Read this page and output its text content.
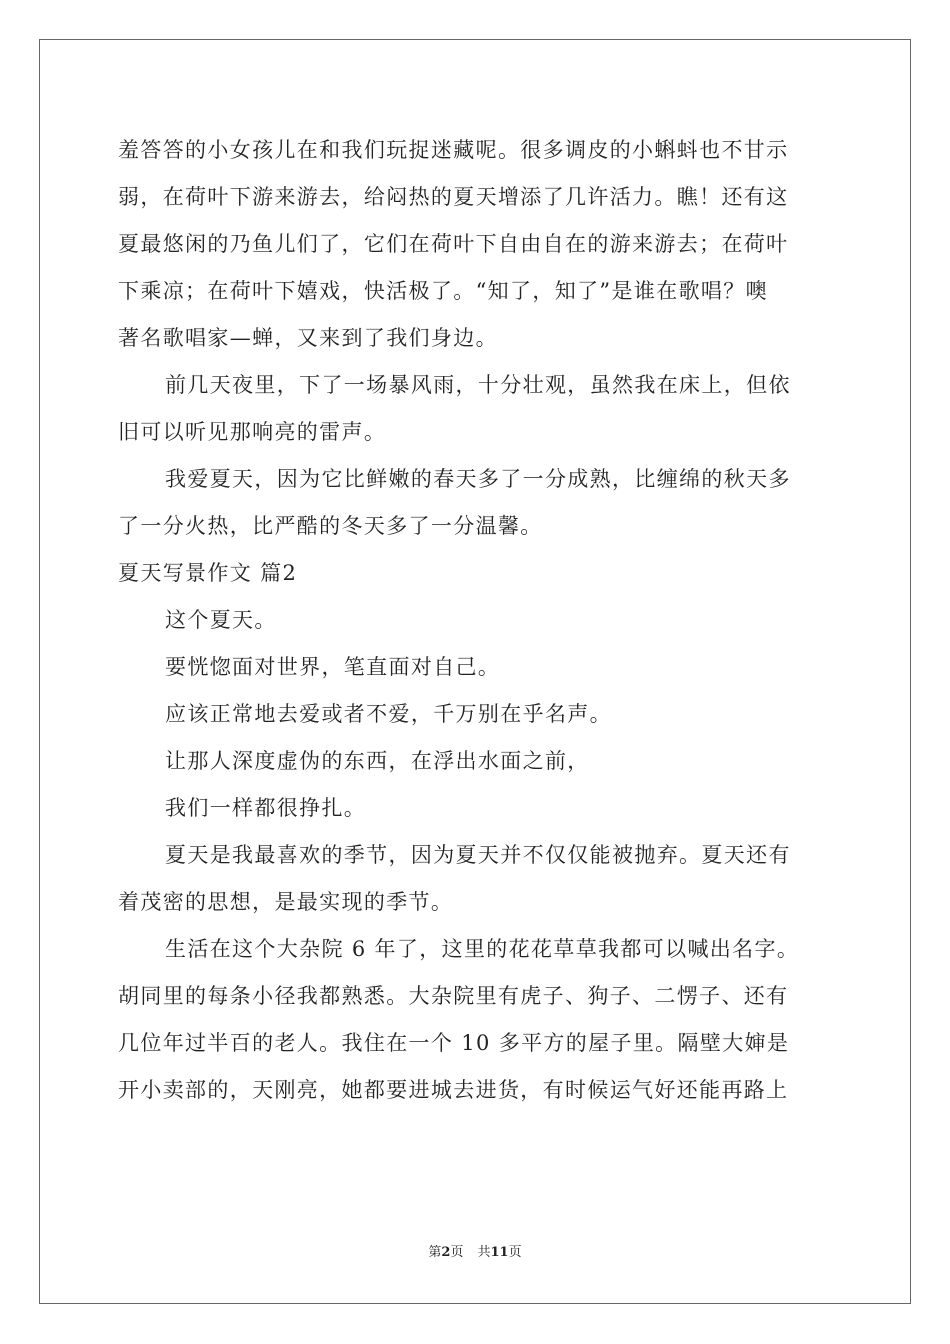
羞答答的小女孩儿在和我们玩捉迷藏呢。很多调皮的小蝌蚪也不甘示
弱，在荷叶下游来游去，给闷热的夏天增添了几许活力。瞧！还有这
夏最悠闲的乃鱼儿们了，它们在荷叶下自由自在的游来游去；在荷叶
下乘凉；在荷叶下嬉戏，快活极了。“知了，知了”是谁在歌唱？噢
著名歌唱家—蝉，又来到了我们身边。
前几天夜里，下了一场暴风雨，十分壮观，虽然我在床上，但依
旧可以听见那响亮的雷声。
我爱夏天，因为它比鲜嫩的春天多了一分成熟，比缠绵的秋天多
了一分火热，比严酷的冬天多了一分温馨。
夏天写景作文 篇2
这个夏天。
要恍惚面对世界，笔直面对自己。
应该正常地去爱或者不爱，千万别在乎名声。
让那人深度虚伪的东西，在浮出水面之前，
我们一样都很挣扎。
夏天是我最喜欢的季节，因为夏天并不仅仅能被抛弃。夏天还有
着茂密的思想，是最实现的季节。
生活在这个大杂院 6 年了，这里的花花草草我都可以喊出名字。
胡同里的每条小径我都熟悉。大杂院里有虎子、狗子、二愣子、还有
几位年过半百的老人。我住在一个 10 多平方的屋子里。隔壁大婶是
开小卖部的，天刚亮，她都要进城去进货，有时候运气好还能再路上
第2页 共11页
